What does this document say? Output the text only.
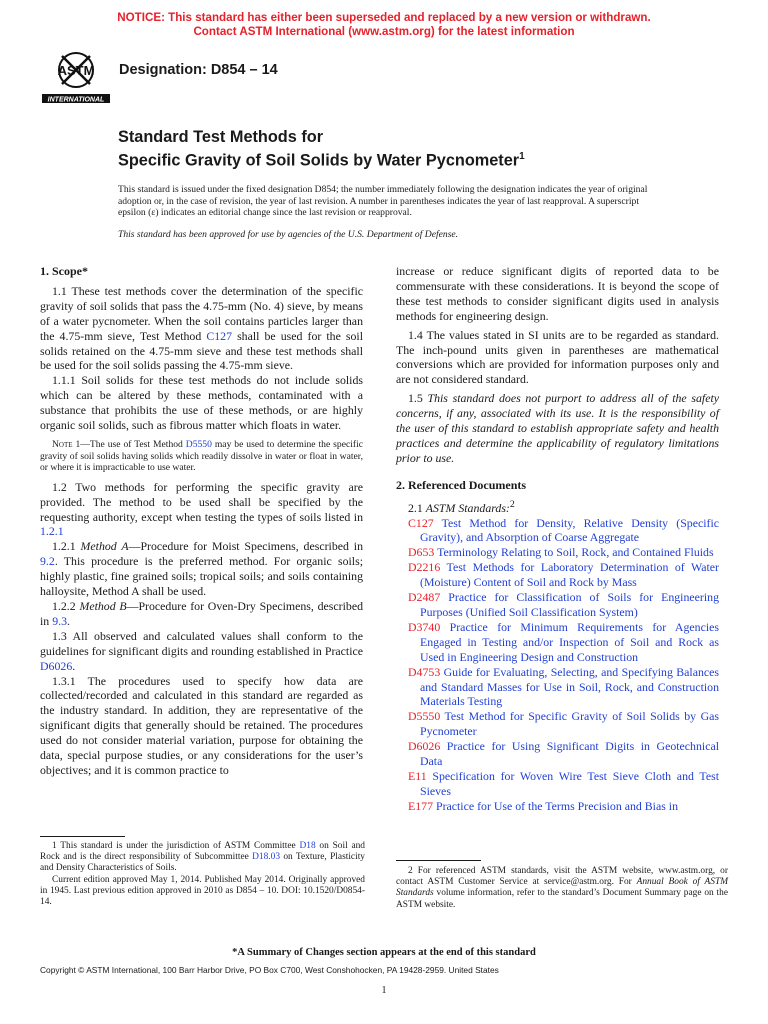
NOTICE: This standard has either been superseded and replaced by a new version or withdrawn.
Contact ASTM International (www.astm.org) for the latest information
ASTM
INTERNATIONAL
Designation: D854 – 14
Standard Test Methods for
Specific Gravity of Soil Solids by Water Pycnometer$^1$

This standard is issued under the fixed designation D854; the number immediately following the designation indicates the year of original adoption or, in the case of revision, the year of last revision. A number in parentheses indicates the year of last reapproval. A superscript epsilon (ε) indicates an editorial change since the last revision or reapproval.

This standard has been approved for use by agencies of the U.S. Department of Defense.

1. Scope*

1.1 These test methods cover the determination of the specific gravity of soil solids that pass the 4.75-mm (No. 4) sieve, by means of a water pycnometer. When the soil contains particles larger than the 4.75-mm sieve, Test Method C127 shall be used for the soil solids retained on the 4.75-mm sieve and these test methods shall be used for the soil solids passing the 4.75-mm sieve.

1.1.1 Soil solids for these test methods do not include solids which can be altered by these methods, contaminated with a substance that prohibits the use of these methods, or are highly organic soil solids, such as fibrous matter which floats in water.

Note 1—The use of Test Method D5550 may be used to determine the specific gravity of soil solids having solids which readily dissolve in water or float in water, or where it is impracticable to use water.

1.2 Two methods for performing the specific gravity are provided. The method to be used shall be specified by the requesting authority, except when testing the types of soils listed in 1.2.1

1.2.1 Method A—Procedure for Moist Specimens, described in 9.2. This procedure is the preferred method. For organic soils; highly plastic, fine grained soils; tropical soils; and soils containing halloysite, Method A shall be used.

1.2.2 Method B—Procedure for Oven-Dry Specimens, described in 9.3.

1.3 All observed and calculated values shall conform to the guidelines for significant digits and rounding established in Practice D6026.

1.3.1 The procedures used to specify how data are collected/recorded and calculated in this standard are regarded as the industry standard. In addition, they are representative of the significant digits that generally should be retained. The procedures used do not consider material variation, purpose for obtaining the data, special purpose studies, or any considerations for the user’s objectives; and it is common practice to

increase or reduce significant digits of reported data to be commensurate with these considerations. It is beyond the scope of these test methods to consider significant digits used in analysis methods for engineering design.

1.4 The values stated in SI units are to be regarded as standard. The inch-pound units given in parentheses are mathematical conversions which are provided for information purposes only and are not considered standard.

1.5 This standard does not purport to address all of the safety concerns, if any, associated with its use. It is the responsibility of the user of this standard to establish appropriate safety and health practices and determine the applicability of regulatory limitations prior to use.

2. Referenced Documents

2.1 ASTM Standards:$^2$

C127 Test Method for Density, Relative Density (Specific Gravity), and Absorption of Coarse Aggregate
D653 Terminology Relating to Soil, Rock, and Contained Fluids
D2216 Test Methods for Laboratory Determination of Water (Moisture) Content of Soil and Rock by Mass
D2487 Practice for Classification of Soils for Engineering Purposes (Unified Soil Classification System)
D3740 Practice for Minimum Requirements for Agencies Engaged in Testing and/or Inspection of Soil and Rock as Used in Engineering Design and Construction
D4753 Guide for Evaluating, Selecting, and Specifying Balances and Standard Masses for Use in Soil, Rock, and Construction Materials Testing
D5550 Test Method for Specific Gravity of Soil Solids by Gas Pycnometer
D6026 Practice for Using Significant Digits in Geotechnical Data
E11 Specification for Woven Wire Test Sieve Cloth and Test Sieves
E177 Practice for Use of the Terms Precision and Bias in

1 This standard is under the jurisdiction of ASTM Committee D18 on Soil and Rock and is the direct responsibility of Subcommittee D18.03 on Texture, Plasticity and Density Characteristics of Soils.

Current edition approved May 1, 2014. Published May 2014. Originally approved in 1945. Last previous edition approved in 2010 as D854 – 10. DOI: 10.1520/D0854-14.

2 For referenced ASTM standards, visit the ASTM website, www.astm.org, or contact ASTM Customer Service at service@astm.org. For Annual Book of ASTM Standards volume information, refer to the standard’s Document Summary page on the ASTM website.

*A Summary of Changes section appears at the end of this standard
Copyright © ASTM International, 100 Barr Harbor Drive, PO Box C700, West Conshohocken, PA 19428-2959. United States
1
